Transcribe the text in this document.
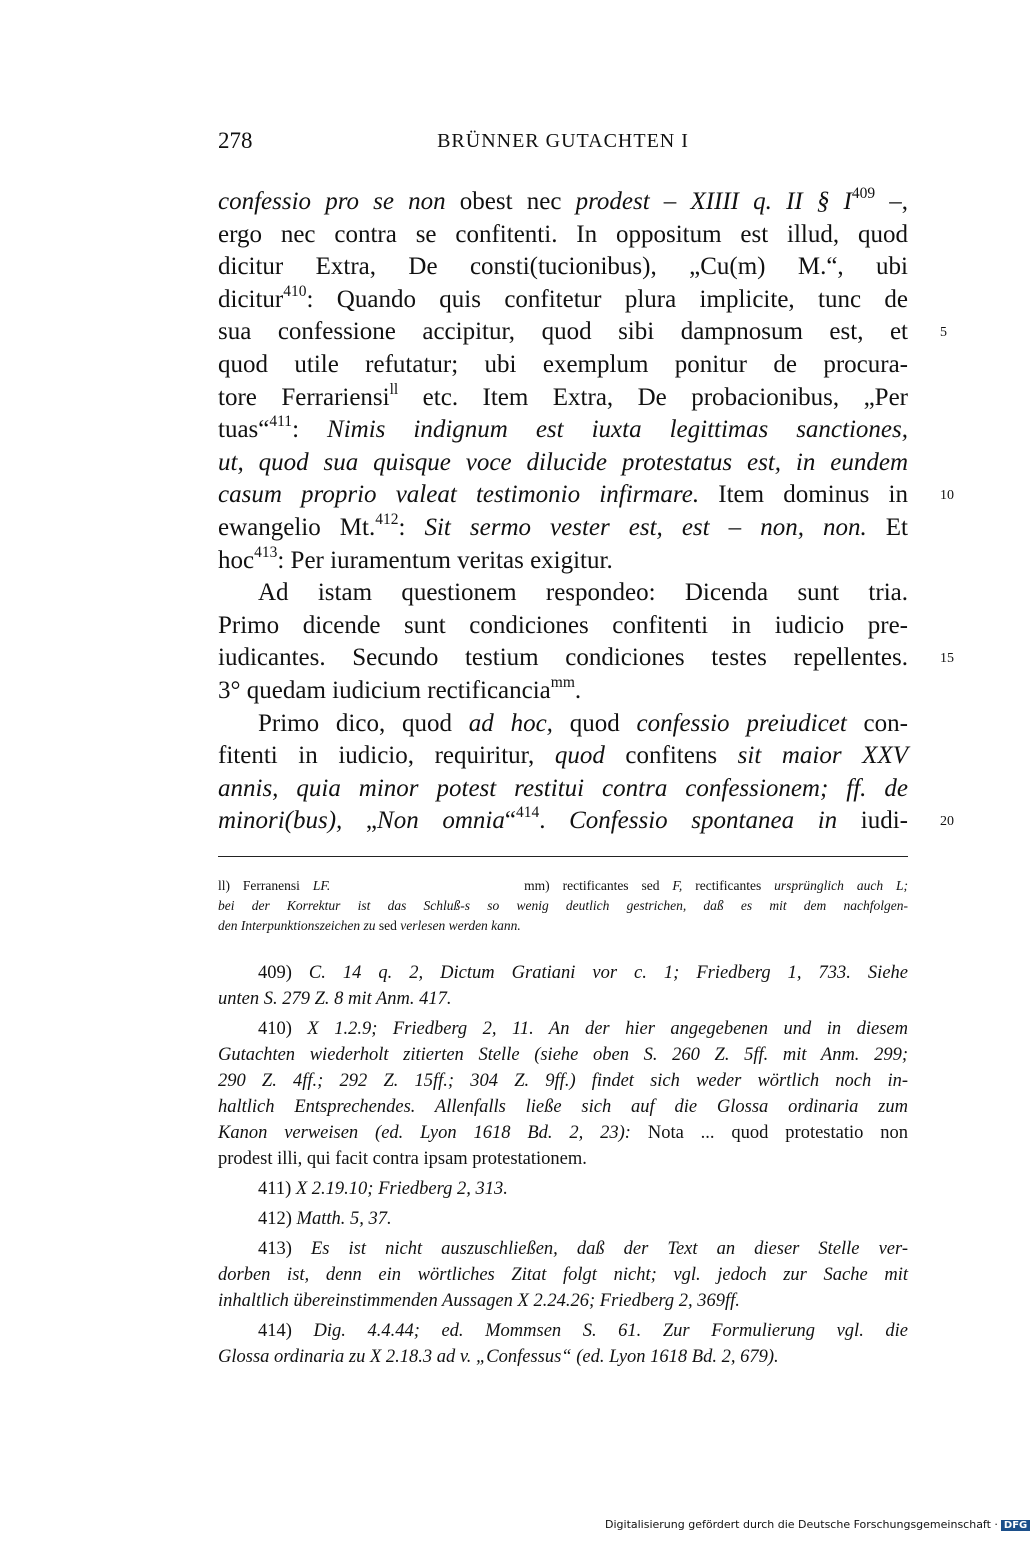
278	BRÜNNER GUTACHTEN I
confessio pro se non obest nec prodest – XIIII q. II § $I^{409}$ –,
ergo nec contra se confitenti. In oppositum est illud, quod
dicitur Extra, De consti(tucionibus), „Cu(m) M.“, ubi
dicitur$^{410}$: Quando quis confitetur plura implicite, tunc de
sua confessione accipitur, quod sibi dampnosum est, et
quod utile refutatur; ubi exemplum ponitur de procura-
tore Ferrariensi$^{ll}$ etc. Item Extra, De probacionibus, „Per
tuas“$^{411}$: Nimis indignum est iuxta legittimas sanctiones,
ut, quod sua quisque voce dilucide protestatus est, in eundem
casum proprio valeat testimonio infirmare. Item dominus in
ewangelio Mt.$^{412}$: Sit sermo vester est, est – non, non. Et
hoc$^{413}$: Per iuramentum veritas exigitur.
Ad istam questionem respondeo: Dicenda sunt tria.
Primo dicende sunt condiciones confitenti in iudicio pre-
iudicantes. Secundo testium condiciones testes repellentes.
3° quedam iudicium rectificancia$^{mm}$.
Primo dico, quod ad hoc, quod confessio preiudicet con-
fitenti in iudicio, requiritur, quod confitens sit maior XXV
annis, quia minor potest restitui contra confessionem; ff. de
minori(bus), „Non omnia“$^{414}$. Confessio spontanea in iudi-
5
10
15
20
ll) Ferranensi LF.               mm) rectificantes sed F, rectificantes ursprünglich auch L;
bei der Korrektur ist das Schluß-s so wenig deutlich gestrichen, daß es mit dem nachfolgen-
den Interpunktionszeichen zu sed verlesen werden kann.
409) C. 14 q. 2, Dictum Gratiani vor c. 1; Friedberg 1, 733. Siehe
unten S. 279 Z. 8 mit Anm. 417.
410) X 1.2.9; Friedberg 2, 11. An der hier angegebenen und in diesem
Gutachten wiederholt zitierten Stelle (siehe oben S. 260 Z. 5ff. mit Anm. 299;
290 Z. 4ff.; 292 Z. 15ff.; 304 Z. 9ff.) findet sich weder wörtlich noch in-
haltlich Entsprechendes. Allenfalls ließe sich auf die Glossa ordinaria zum
Kanon verweisen (ed. Lyon 1618 Bd. 2, 23): Nota ... quod protestatio non
prodest illi, qui facit contra ipsam protestationem.
411) X 2.19.10; Friedberg 2, 313.
412) Matth. 5, 37.
413) Es ist nicht auszuschließen, daß der Text an dieser Stelle ver-
dorben ist, denn ein wörtliches Zitat folgt nicht; vgl. jedoch zur Sache mit
inhaltlich übereinstimmenden Aussagen X 2.24.26; Friedberg 2, 369ff.
414) Dig. 4.4.44; ed. Mommsen S. 61. Zur Formulierung vgl. die
Glossa ordinaria zu X 2.18.3 ad v. „Confessus“ (ed. Lyon 1618 Bd. 2, 679).
Digitalisierung gefördert durch die Deutsche Forschungsgemeinschaft · DFG
